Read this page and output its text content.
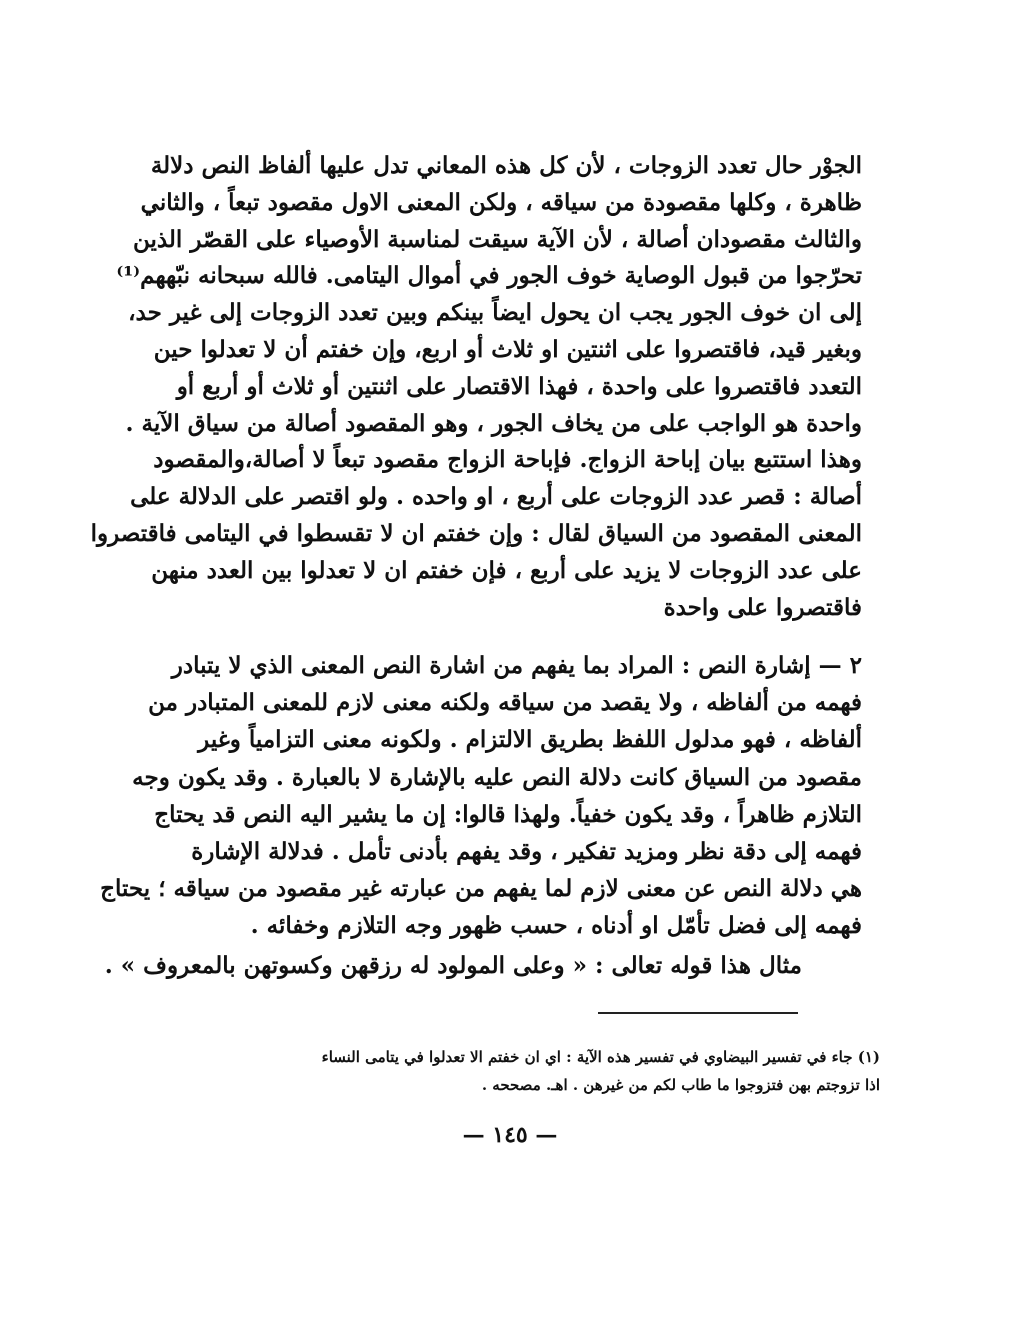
الجوْر حال تعدد الزوجات ، لأن كل هذه المعاني تدل عليها ألفاظ النص دلالة
ظاهرة ، وكلها مقصودة من سياقه ، ولكن المعنى الاول مقصود تبعاً ، والثاني
والثالث مقصودان أصالة ، لأن الآية سيقت لمناسبة الأوصياء على القصّر الذين
تحرّجوا من قبول الوصاية خوف الجور في أموال اليتامى. فالله سبحانه نبّههم⁽¹⁾
إلى ان خوف الجور يجب ان يحول ايضاً بينكم وبين تعدد الزوجات إلى غير حد،
وبغير قيد، فاقتصروا على اثنتين او ثلاث أو اربع، وإن خفتم أن لا تعدلوا حين
التعدد فاقتصروا على واحدة ، فهذا الاقتصار على اثنتين أو ثلاث أو أربع أو
واحدة هو الواجب على من يخاف الجور ، وهو المقصود أصالة من سياق الآية .
وهذا استتبع بيان إباحة الزواج. فإباحة الزواج مقصود تبعاً لا أصالة،والمقصود
أصالة : قصر عدد الزوجات على أربع ، او واحده . ولو اقتصر على الدلالة على
المعنى المقصود من السياق لقال : وإن خفتم ان لا تقسطوا في اليتامى فاقتصروا
على عدد الزوجات لا يزيد على أربع ، فإن خفتم ان لا تعدلوا بين العدد منهن
فاقتصروا على واحدة
٢ — إشارة النص : المراد بما يفهم من اشارة النص المعنى الذي لا يتبادر
فهمه من ألفاظه ، ولا يقصد من سياقه ولكنه معنى لازم للمعنى المتبادر من
ألفاظه ، فهو مدلول اللفظ بطريق الالتزام . ولكونه معنى التزامياً وغير
مقصود من السياق كانت دلالة النص عليه بالإشارة لا بالعبارة . وقد يكون وجه
التلازم ظاهراً ، وقد يكون خفياً. ولهذا قالوا: إن ما يشير اليه النص قد يحتاج
فهمه إلى دقة نظر ومزيد تفكير ، وقد يفهم بأدنى تأمل . فدلالة الإشارة
هي دلالة النص عن معنى لازم لما يفهم من عبارته غير مقصود من سياقه ؛ يحتاج
فهمه إلى فضل تأمّل او أدناه ، حسب ظهور وجه التلازم وخفائه .
مثال هذا قوله تعالى : « وعلى المولود له رزقهن وكسوتهن بالمعروف » .
(١) جاء في تفسير البيضاوي في تفسير هذه الآية : اي ان خفتم الا تعدلوا في يتامى النساء
اذا تزوجتم بهن فتزوجوا ما طاب لكم من غيرهن . اهـ. مصححه .
— ١٤٥ —
